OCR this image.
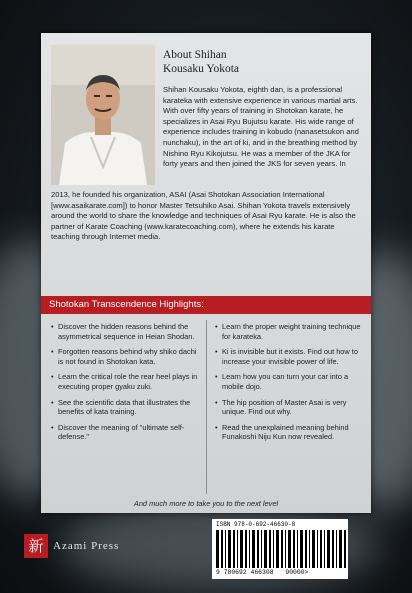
About Shihan
Kousaku Yokota
Shihan Kousaku Yokota, eighth dan, is a professional karateka with extensive experience in various martial arts. With over fifty years of training in Shotokan karate, he specializes in Asai Ryu Bujutsu karate. His wide range of experience includes training in kobudo (nanasetsukon and nunchaku), in the art of ki, and in the breathing method by Nishino Ryu Kikojutsu. He was a member of the JKA for forty years and then joined the JKS for seven years. In
2013, he founded his organization, ASAI (Asai Shotokan Association International [www.asaikarate.com]) to honor Master Tetsuhiko Asai. Shihan Yokota travels extensively around the world to share the knowledge and techniques of Asai Ryu karate. He is also the partner of Karate Coaching (www.karatecoaching.com), where he extends his karate teaching through Internet media.
Shotokan Transcendence Highlights:
• Discover the hidden reasons behind the asymmetrical sequence in Heian Shodan.
• Forgotten reasons behind why shiko dachi is not found in Shotokan kata.
• Learn the critical role the rear heel plays in executing proper gyaku zuki.
• See the scientific data that illustrates the benefits of kata training.
• Discover the meaning of "ultimate self-defense."
• Learn the proper weight training technique for karateka.
• Ki is invisible but it exists. Find out how to increase your invisible power of life.
• Learn how you can turn your car into a mobile dojo.
• The hip position of Master Asai is very unique. Find out why.
• Read the unexplained meaning behind Funakoshi Niju Kun now revealed.
And much more to take you to the next level
新 Azami Press
ISBN 978-0-692-46630-8
9 780692 466308 90000>
